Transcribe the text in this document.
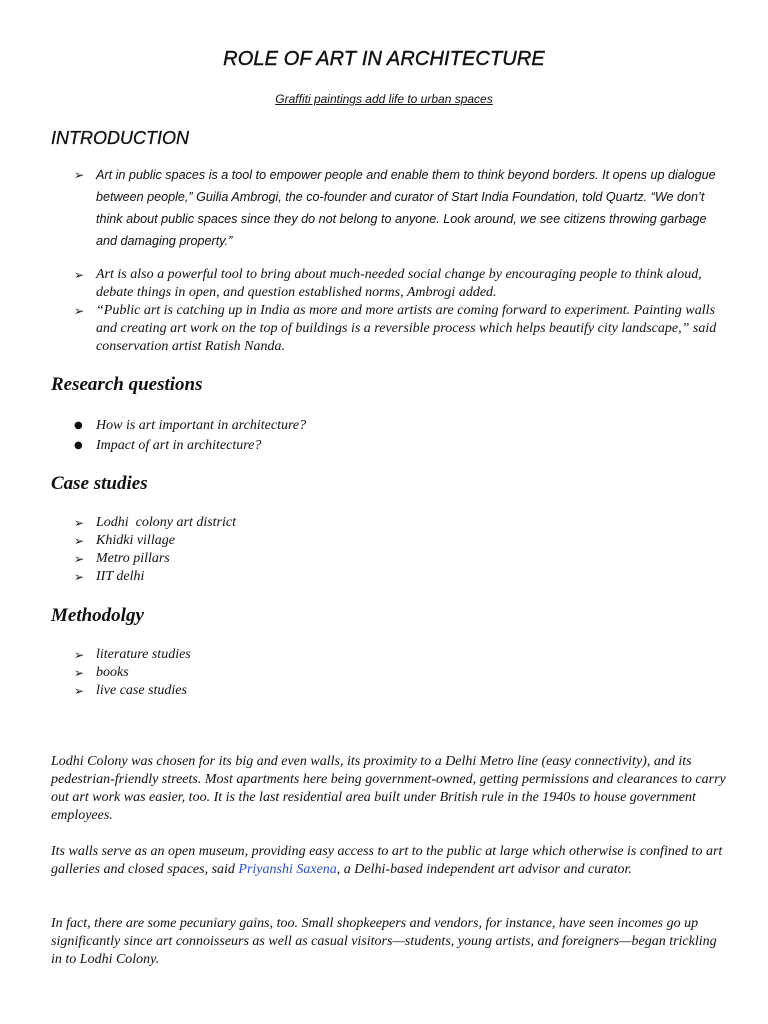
ROLE OF ART IN ARCHITECTURE
Graffiti paintings add life to urban spaces
INTRODUCTION
➢ Art in public spaces is a tool to empower people and enable them to think beyond borders. It opens up dialogue between people,” Guilia Ambrogi, the co-founder and curator of Start India Foundation, told Quartz. “We don’t think about public spaces since they do not belong to anyone. Look around, we see citizens throwing garbage and damaging property.”
➢ Art is also a powerful tool to bring about much-needed social change by encouraging people to think aloud, debate things in open, and question established norms, Ambrogi added.
➢ “Public art is catching up in India as more and more artists are coming forward to experiment. Painting walls and creating art work on the top of buildings is a reversible process which helps beautify city landscape,” said conservation artist Ratish Nanda.
Research questions
● How is art important in architecture?
● Impact of art in architecture?
Case studies
➢ Lodhi  colony art district
➢ Khidki village
➢ Metro pillars
➢ IIT delhi
Methodolgy
➢ literature studies
➢ books
➢ live case studies

Lodhi Colony was chosen for its big and even walls, its proximity to a Delhi Metro line (easy connectivity), and its pedestrian-friendly streets. Most apartments here being government-owned, getting permissions and clearances to carry out art work was easier, too. It is the last residential area built under British rule in the 1940s to house government employees.

Its walls serve as an open museum, providing easy access to art to the public at large which otherwise is confined to art galleries and closed spaces, said Priyanshi Saxena, a Delhi-based independent art advisor and curator.

In fact, there are some pecuniary gains, too. Small shopkeepers and vendors, for instance, have seen incomes go up significantly since art connoisseurs as well as casual visitors—students, young artists, and foreigners—began trickling in to Lodhi Colony.
